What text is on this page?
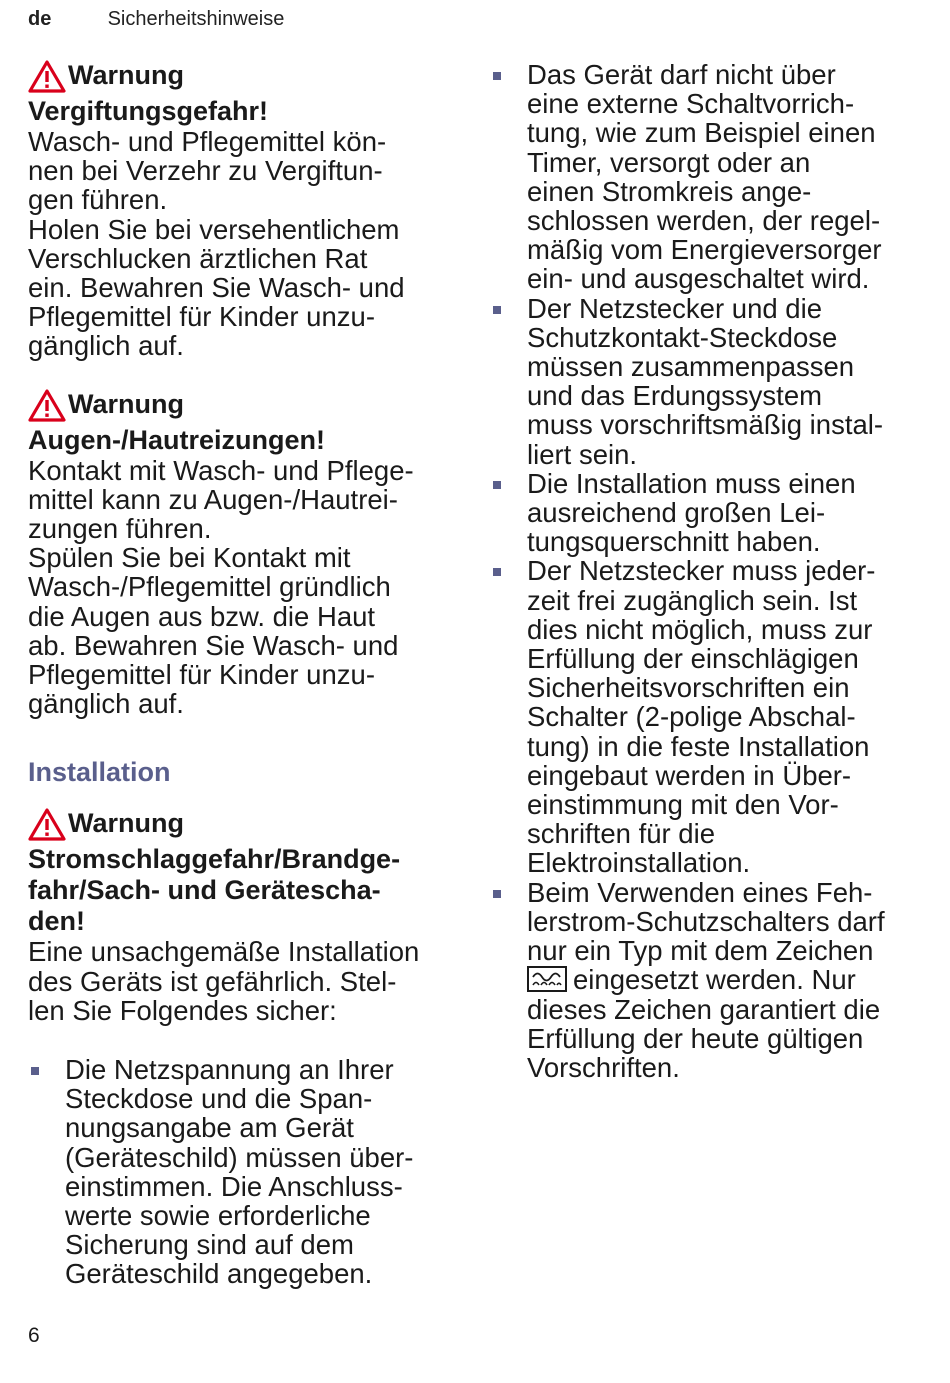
de	Sicherheitshinweise
Warnung
Vergiftungsgefahr!
Wasch- und Pflegemittel kön-
nen bei Verzehr zu Vergiftun-
gen führen.
Holen Sie bei versehentlichem
Verschlucken ärztlichen Rat
ein. Bewahren Sie Wasch- und
Pflegemittel für Kinder unzu-
gänglich auf.
Warnung
Augen-/Hautreizungen!
Kontakt mit Wasch- und Pflege-
mittel kann zu Augen-/Hautrei-
zungen führen.
Spülen Sie bei Kontakt mit
Wasch-/Pflegemittel gründlich
die Augen aus bzw. die Haut
ab. Bewahren Sie Wasch- und
Pflegemittel für Kinder unzu-
gänglich auf.
Installation
Warnung
Stromschlaggefahr/Brandge-
fahr/Sach- und Geräteschа-
den!
Eine unsachgemäße Installation
des Geräts ist gefährlich. Stel-
len Sie Folgendes sicher:
Die Netzspannung an Ihrer
Steckdose und die Span-
nungsangabe am Gerät
(Geräteschild) müssen über-
einstimmen. Die Anschluss-
werte sowie erforderliche
Sicherung sind auf dem
Geräteschild angegeben.
Das Gerät darf nicht über
eine externe Schaltvorrich-
tung, wie zum Beispiel einen
Timer, versorgt oder an
einen Stromkreis ange-
schlossen werden, der regel-
mäßig vom Energieversorger
ein- und ausgeschaltet wird.
Der Netzstecker und die
Schutzkontakt-Steckdose
müssen zusammenpassen
und das Erdungssystem
muss vorschriftsmäßig instal-
liert sein.
Die Installation muss einen
ausreichend großen Lei-
tungsquerschnitt haben.
Der Netzstecker muss jeder-
zeit frei zugänglich sein. Ist
dies nicht möglich, muss zur
Erfüllung der einschlägigen
Sicherheitsvorschriften ein
Schalter (2-polige Abschal-
tung) in die feste Installation
eingebaut werden in Über-
einstimmung mit den Vor-
schriften für die
Elektroinstallation.
Beim Verwenden eines Feh-
lerstrom-Schutzschalters darf
nur ein Typ mit dem Zeichen
eingesetzt werden. Nur
dieses Zeichen garantiert die
Erfüllung der heute gültigen
Vorschriften.
6
